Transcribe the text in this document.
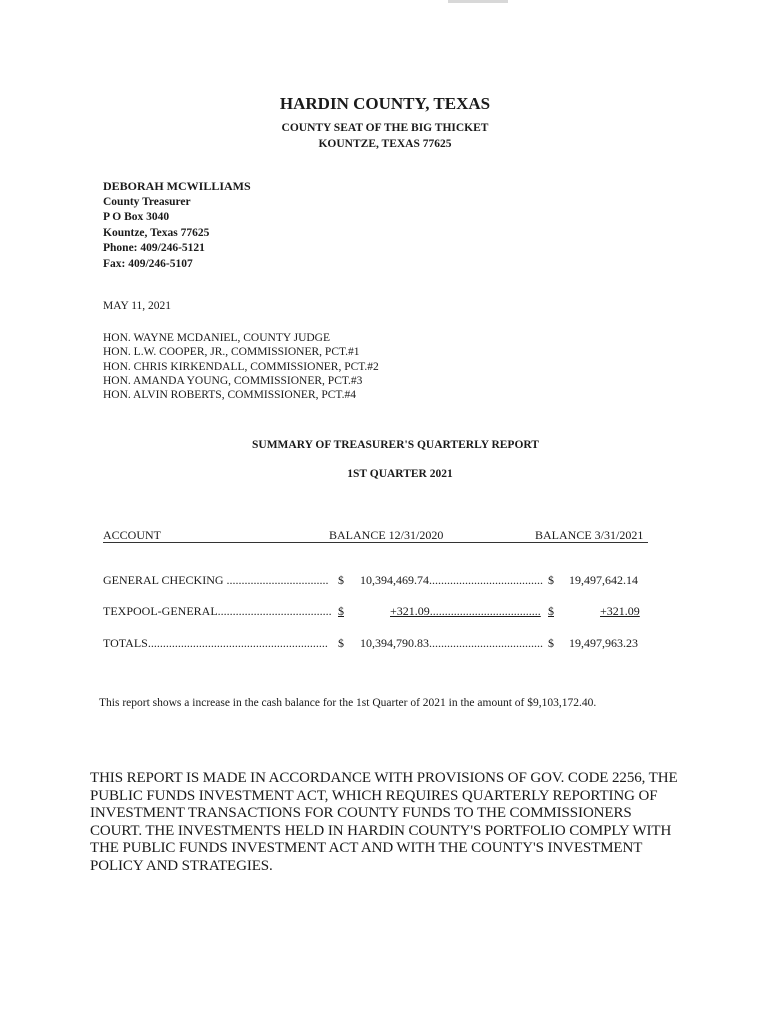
HARDIN COUNTY, TEXAS
COUNTY SEAT OF THE BIG THICKET
KOUNTZE, TEXAS 77625
DEBORAH MCWILLIAMS
County Treasurer
P O Box 3040
Kountze, Texas 77625
Phone: 409/246-5121
Fax: 409/246-5107
MAY 11, 2021
HON. WAYNE MCDANIEL, COUNTY JUDGE
HON. L.W. COOPER, JR., COMMISSIONER, PCT.#1
HON. CHRIS KIRKENDALL, COMMISSIONER, PCT.#2
HON. AMANDA YOUNG, COMMISSIONER, PCT.#3
HON. ALVIN ROBERTS, COMMISSIONER, PCT.#4
SUMMARY OF TREASURER'S QUARTERLY REPORT
1ST QUARTER 2021
ACCOUNT	BALANCE 12/31/2020	BALANCE 3/31/2021
GENERAL CHECKING .................................. $ 10,394,469.74...................................... $ 19,497,642.14
TEXPOOL-GENERAL...................................... $	+321.09..................................... $	+321.09
TOTALS............................................................ $ 10,394,790.83...................................... $ 19,497,963.23
This report shows a increase in the cash balance for the 1st Quarter of 2021 in the amount of $9,103,172.40.
THIS REPORT IS MADE IN ACCORDANCE WITH PROVISIONS OF GOV. CODE 2256, THE PUBLIC FUNDS INVESTMENT ACT, WHICH REQUIRES QUARTERLY REPORTING OF INVESTMENT TRANSACTIONS FOR COUNTY FUNDS TO THE COMMISSIONERS COURT. THE INVESTMENTS HELD IN HARDIN COUNTY'S PORTFOLIO COMPLY WITH THE PUBLIC FUNDS INVESTMENT ACT AND WITH THE COUNTY'S INVESTMENT POLICY AND STRATEGIES.
